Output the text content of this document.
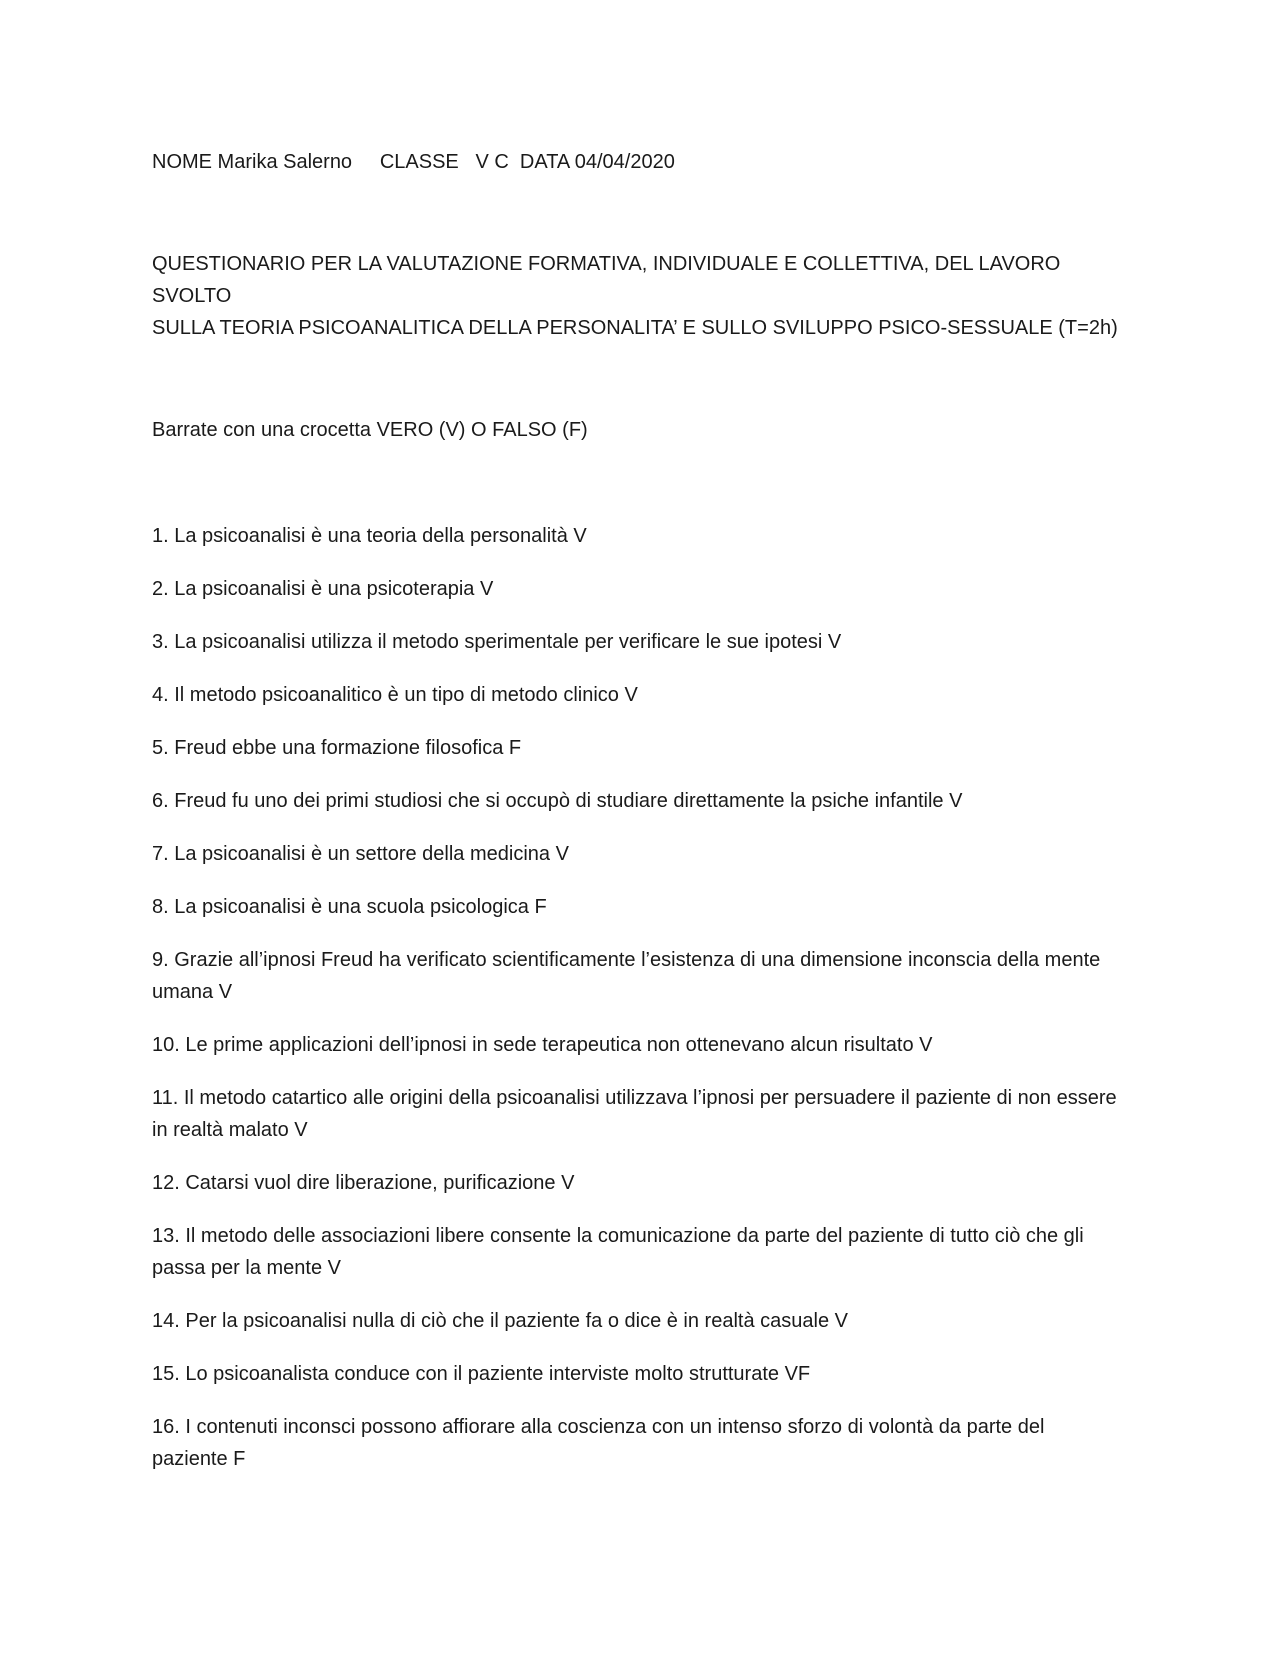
NOME Marika Salerno     CLASSE   V C  DATA 04/04/2020

QUESTIONARIO PER LA VALUTAZIONE FORMATIVA, INDIVIDUALE E COLLETTIVA, DEL LAVORO SVOLTO
SULLA TEORIA PSICOANALITICA DELLA PERSONALITA’ E SULLO SVILUPPO PSICO-SESSUALE (T=2h)
Barrate con una crocetta VERO (V) O FALSO (F)
1. La psicoanalisi è una teoria della personalità V
2. La psicoanalisi è una psicoterapia V
3. La psicoanalisi utilizza il metodo sperimentale per verificare le sue ipotesi V
4. Il metodo psicoanalitico è un tipo di metodo clinico V
5. Freud ebbe una formazione filosofica F
6. Freud fu uno dei primi studiosi che si occupò di studiare direttamente la psiche infantile V
7. La psicoanalisi è un settore della medicina V
8. La psicoanalisi è una scuola psicologica F
9. Grazie all’ipnosi Freud ha verificato scientificamente l’esistenza di una dimensione inconscia della mente umana V
10. Le prime applicazioni dell’ipnosi in sede terapeutica non ottenevano alcun risultato V
11. Il metodo catartico alle origini della psicoanalisi utilizzava l’ipnosi per persuadere il paziente di non essere in realtà malato V
12. Catarsi vuol dire liberazione, purificazione V
13. Il metodo delle associazioni libere consente la comunicazione da parte del paziente di tutto ciò che gli passa per la mente V
14. Per la psicoanalisi nulla di ciò che il paziente fa o dice è in realtà casuale V
15. Lo psicoanalista conduce con il paziente interviste molto strutturate VF
16. I contenuti inconsci possono affiorare alla coscienza con un intenso sforzo di volontà da parte del paziente F
